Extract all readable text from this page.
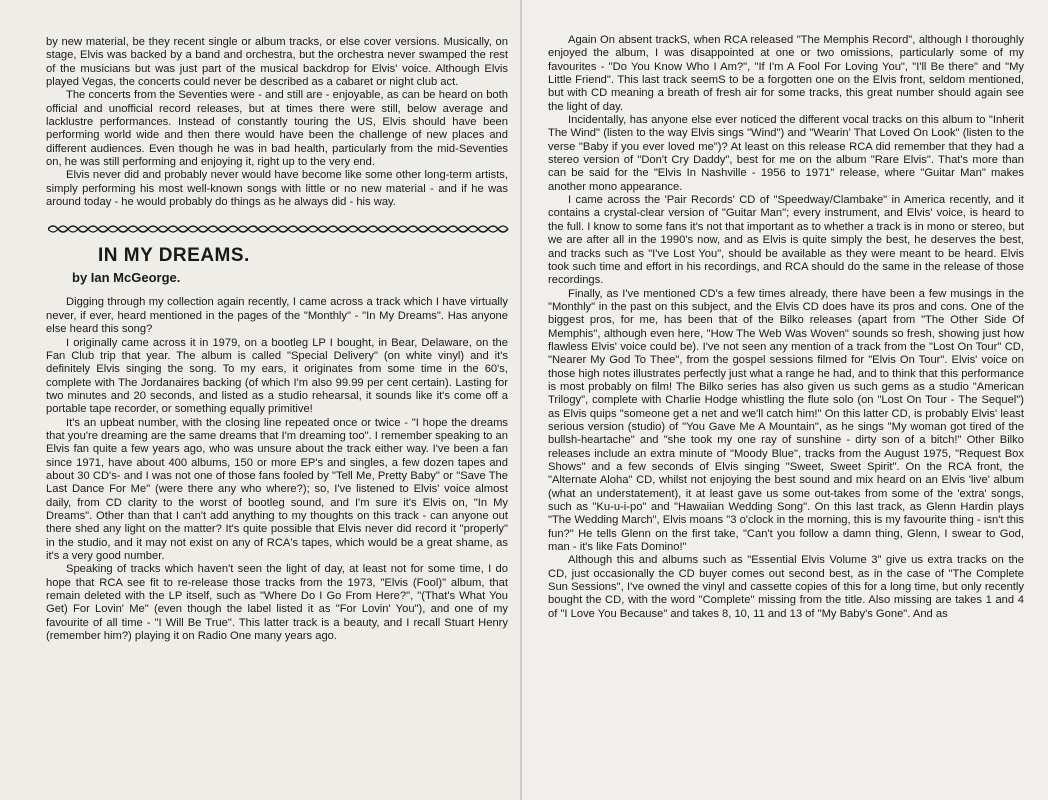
by new material, be they recent single or album tracks, or else cover versions. Musically, on stage, Elvis was backed by a band and orchestra, but the orchestra never swamped the rest of the musicians but was just part of the musical backdrop for Elvis' voice. Although Elvis played Vegas, the concerts could never be described as a cabaret or night club act.

The concerts from the Seventies were - and still are - enjoyable, as can be heard on both official and unofficial record releases, but at times there were still, below average and lacklustre performances. Instead of constantly touring the US, Elvis should have been performing world wide and then there would have been the challenge of new places and different audiences. Even though he was in bad health, particularly from the mid-Seventies on, he was still performing and enjoying it, right up to the very end.

Elvis never did and probably never would have become like some other long-term artists, simply performing his most well-known songs with little or no new material - and if he was around today - he would probably do things as he always did - his way.

IN MY DREAMS.
by Ian McGeorge.

Digging through my collection again recently, I came across a track which I have virtually never, if ever, heard mentioned in the pages of the "Monthly" - "In My Dreams". Has anyone else heard this song?

I originally came across it in 1979, on a bootleg LP I bought, in Bear, Delaware, on the Fan Club trip that year. The album is called "Special Delivery" (on white vinyl) and it's definitely Elvis singing the song. To my ears, it originates from some time in the 60's, complete with The Jordanaires backing (of which I'm also 99.99 per cent certain). Lasting for two minutes and 20 seconds, and listed as a studio rehearsal, it sounds like it's come off a portable tape recorder, or something equally primitive!

It's an upbeat number, with the closing line repeated once or twice - "I hope the dreams that you're dreaming are the same dreams that I'm dreaming too". I remember speaking to an Elvis fan quite a few years ago, who was unsure about the track either way. I've been a fan since 1971, have about 400 albums, 150 or more EP's and singles, a few dozen tapes and about 30 CD's- and I was not one of those fans fooled by "Tell Me, Pretty Baby" or "Save The Last Dance For Me" (were there any who where?); so, I've listened to Elvis' voice almost daily, from CD clarity to the worst of bootleg sound, and I'm sure it's Elvis on, "In My Dreams". Other than that I can't add anything to my thoughts on this track - can anyone out there shed any light on the matter? It's quite possible that Elvis never did record it "properly" in the studio, and it may not exist on any of RCA's tapes, which would be a great shame, as it's a very good number.

Speaking of tracks which haven't seen the light of day, at least not for some time, I do hope that RCA see fit to re-release those tracks from the 1973, "Elvis (Fool)" album, that remain deleted with the LP itself, such as "Where Do I Go From Here?", "(That's What You Get) For Lovin' Me" (even though the label listed it as "For Lovin' You"), and one of my favourite of all time - "I Will Be True". This latter track is a beauty, and I recall Stuart Henry (remember him?) playing it on Radio One many years ago.

Again On absent trackS, when RCA released "The Memphis Record", although I thoroughly enjoyed the album, I was disappointed at one or two omissions, particularly some of my favourites - "Do You Know Who I Am?", "If I'm A Fool For Loving You", "I'll Be there" and "My Little Friend". This last track seemS to be a forgotten one on the Elvis front, seldom mentioned, but with CD meaning a breath of fresh air for some tracks, this great number should again see the light of day.

Incidentally, has anyone else ever noticed the different vocal tracks on this album to "Inherit The Wind" (listen to the way Elvis sings "Wind") and "Wearin' That Loved On Look" (listen to the verse "Baby if you ever loved me")? At least on this release RCA did remember that they had a stereo version of "Don't Cry Daddy", best for me on the album "Rare Elvis". That's more than can be said for the "Elvis In Nashville - 1956 to 1971" release, where "Guitar Man" makes another mono appearance.

I came across the 'Pair Records' CD of "Speedway/Clambake" in America recently, and it contains a crystal-clear version of "Guitar Man"; every instrument, and Elvis' voice, is heard to the full. I know to some fans it's not that important as to whether a track is in mono or stereo, but we are after all in the 1990's now, and as Elvis is quite simply the best, he deserves the best, and tracks such as "I've Lost You", should be available as they were meant to be heard. Elvis took such time and effort in his recordings, and RCA should do the same in the release of those recordings.

Finally, as I've mentioned CD's a few times already, there have been a few musings in the "Monthly" in the past on this subject, and the Elvis CD does have its pros and cons. One of the biggest pros, for me, has been that of the Bilko releases (apart from "The Other Side Of Memphis", although even here, "How The Web Was Woven" sounds so fresh, showing just how flawless Elvis' voice could be). I've not seen any mention of a track from the "Lost On Tour" CD, "Nearer My God To Thee", from the gospel sessions filmed for "Elvis On Tour". Elvis' voice on those high notes illustrates perfectly just what a range he had, and to think that this performance is most probably on film! The Bilko series has also given us such gems as a studio "American Trilogy", complete with Charlie Hodge whistling the flute solo (on "Lost On Tour - The Sequel") as Elvis quips "someone get a net and we'll catch him!" On this latter CD, is probably Elvis' least serious version (studio) of "You Gave Me A Mountain", as he sings "My woman got tired of the bullsh-heartache" and "she took my one ray of sunshine - dirty son of a bitch!" Other Bilko releases include an extra minute of "Moody Blue", tracks from the August 1975, "Request Box Shows" and a few seconds of Elvis singing "Sweet, Sweet Spirit". On the RCA front, the "Alternate Aloha" CD, whilst not enjoying the best sound and mix heard on an Elvis 'live' album (what an understatement), it at least gave us some out-takes from some of the 'extra' songs, such as "Ku-u-i-po" and "Hawaiian Wedding Song". On this last track, as Glenn Hardin plays "The Wedding March", Elvis moans "3 o'clock in the morning, this is my favourite thing - isn't this fun?" He tells Glenn on the first take, "Can't you follow a damn thing, Glenn, I swear to God, man - it's like Fats Domino!"

Although this and albums such as "Essential Elvis Volume 3" give us extra tracks on the CD, just occasionally the CD buyer comes out second best, as in the case of "The Complete Sun Sessions", I've owned the vinyl and cassette copies of this for a long time, but only recently bought the CD, with the word "Complete" missing from the title. Also missing are takes 1 and 4 of "I Love You Because" and takes 8, 10, 11 and 13 of "My Baby's Gone". And as
